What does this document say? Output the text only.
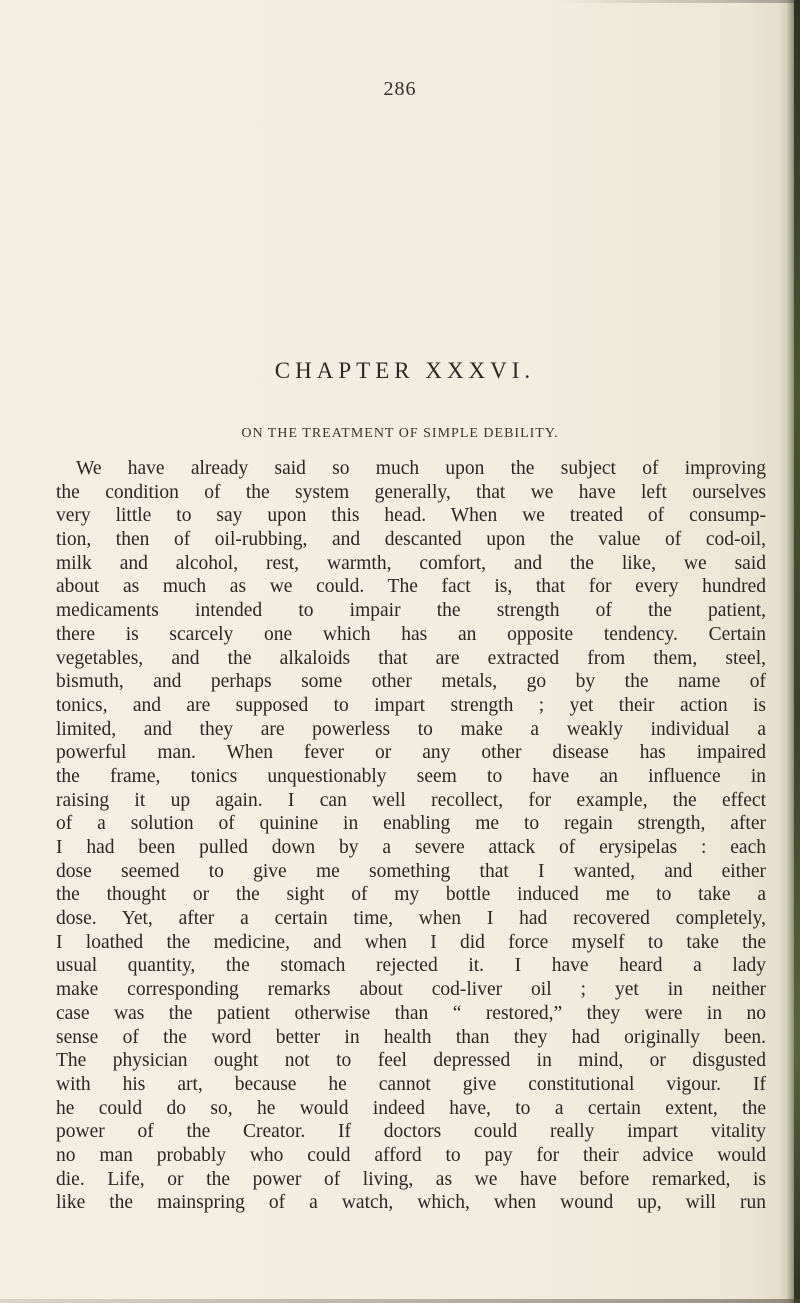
286
CHAPTER XXXVI.
ON THE TREATMENT OF SIMPLE DEBILITY.
We have already said so much upon the subject of improving
the condition of the system generally, that we have left ourselves
very little to say upon this head. When we treated of consump-
tion, then of oil-rubbing, and descanted upon the value of cod-oil,
milk and alcohol, rest, warmth, comfort, and the like, we said
about as much as we could. The fact is, that for every hundred
medicaments intended to impair the strength of the patient,
there is scarcely one which has an opposite tendency. Certain
vegetables, and the alkaloids that are extracted from them, steel,
bismuth, and perhaps some other metals, go by the name of
tonics, and are supposed to impart strength ; yet their action is
limited, and they are powerless to make a weakly individual a
powerful man. When fever or any other disease has impaired
the frame, tonics unquestionably seem to have an influence in
raising it up again. I can well recollect, for example, the effect
of a solution of quinine in enabling me to regain strength, after
I had been pulled down by a severe attack of erysipelas : each
dose seemed to give me something that I wanted, and either
the thought or the sight of my bottle induced me to take a
dose. Yet, after a certain time, when I had recovered completely,
I loathed the medicine, and when I did force myself to take the
usual quantity, the stomach rejected it. I have heard a lady
make corresponding remarks about cod-liver oil ; yet in neither
case was the patient otherwise than “ restored,” they were in no
sense of the word better in health than they had originally been.
The physician ought not to feel depressed in mind, or disgusted
with his art, because he cannot give constitutional vigour. If
he could do so, he would indeed have, to a certain extent, the
power of the Creator. If doctors could really impart vitality
no man probably who could afford to pay for their advice would
die. Life, or the power of living, as we have before remarked, is
like the mainspring of a watch, which, when wound up, will run
